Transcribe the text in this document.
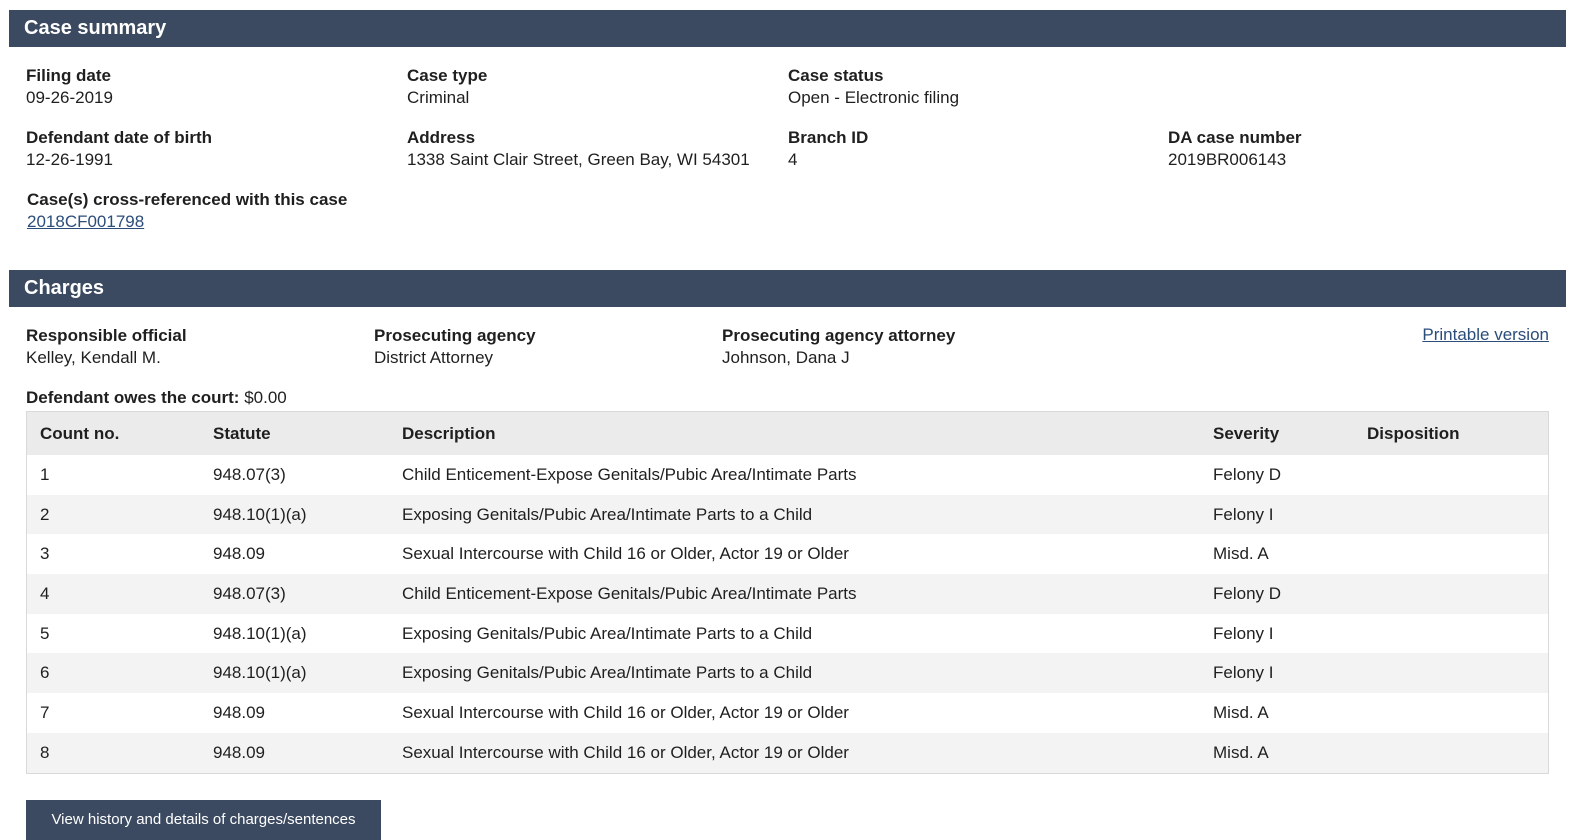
Case summary
Filing date
09-26-2019
Case type
Criminal
Case status
Open - Electronic filing
Defendant date of birth
12-26-1991
Address
1338 Saint Clair Street, Green Bay, WI 54301
Branch ID
4
DA case number
2019BR006143
Case(s) cross-referenced with this case
2018CF001798
Charges
Responsible official
Kelley, Kendall M.
Prosecuting agency
District Attorney
Prosecuting agency attorney
Johnson, Dana J
Printable version
Defendant owes the court: $0.00
Count no.	Statute	Description	Severity	Disposition
1	948.07(3)	Child Enticement-Expose Genitals/Pubic Area/Intimate Parts	Felony D	
2	948.10(1)(a)	Exposing Genitals/Pubic Area/Intimate Parts to a Child	Felony I	
3	948.09	Sexual Intercourse with Child 16 or Older, Actor 19 or Older	Misd. A	
4	948.07(3)	Child Enticement-Expose Genitals/Pubic Area/Intimate Parts	Felony D	
5	948.10(1)(a)	Exposing Genitals/Pubic Area/Intimate Parts to a Child	Felony I	
6	948.10(1)(a)	Exposing Genitals/Pubic Area/Intimate Parts to a Child	Felony I	
7	948.09	Sexual Intercourse with Child 16 or Older, Actor 19 or Older	Misd. A	
8	948.09	Sexual Intercourse with Child 16 or Older, Actor 19 or Older	Misd. A	
View history and details of charges/sentences
